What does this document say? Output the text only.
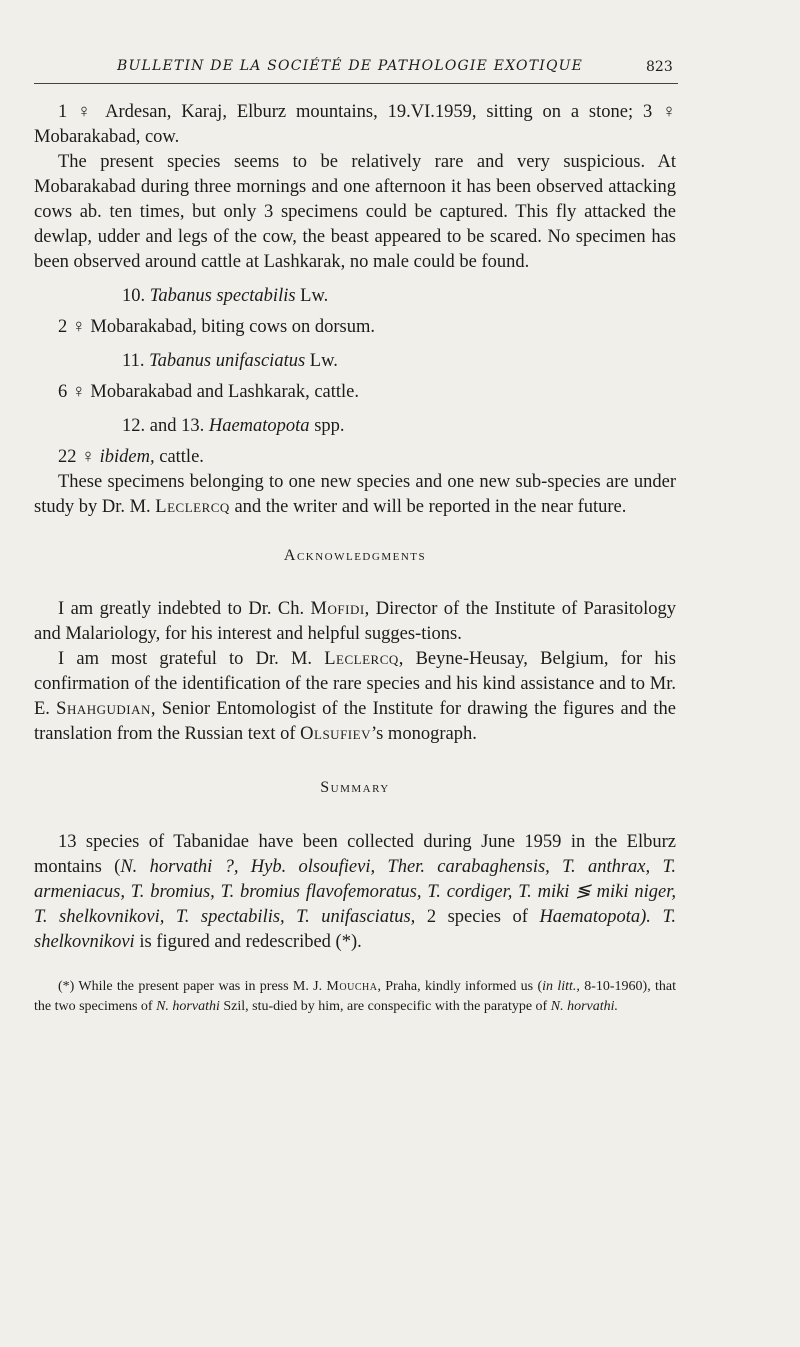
BULLETIN DE LA SOCIÉTÉ DE PATHOLOGIE EXOTIQUE	823

1 ♀ Ardesan, Karaj, Elburz mountains, 19.VI.1959, sitting on a stone; 3 ♀ Mobarakabad, cow.

The present species seems to be relatively rare and very suspicious. At Mobarakabad during three mornings and one afternoon it has been observed attacking cows ab. ten times, but only 3 specimens could be captured. This fly attacked the dewlap, udder and legs of the cow, the beast appeared to be scared. No specimen has been observed around cattle at Lashkarak, no male could be found.

10. Tabanus spectabilis Lw.

2 ♀ Mobarakabad, biting cows on dorsum.

11. Tabanus unifasciatus Lw.

6 ♀ Mobarakabad and Lashkarak, cattle.

12. and 13. Haematopota spp.

22 ♀ ibidem, cattle.

These specimens belonging to one new species and one new sub-species are under study by Dr. M. Leclercq and the writer and will be reported in the near future.

Acknowledgments

I am greatly indebted to Dr. Ch. Mofidi, Director of the Institute of Parasitology and Malariology, for his interest and helpful sugges-tions.

I am most grateful to Dr. M. Leclercq, Beyne-Heusay, Belgium, for his confirmation of the identification of the rare species and his kind assistance and to Mr. E. Shahgudian, Senior Entomologist of the Institute for drawing the figures and the translation from the Russian text of Olsufiev’s monograph.

Summary

13 species of Tabanidae have been collected during June 1959 in the Elburz montains (N. horvathi ?, Hyb. olsoufievi, Ther. carabaghensis, T. anthrax, T. armeniacus, T. bromius, T. bromius flavofemoratus, T. cordiger, T. miki ≶ miki niger, T. shelkovnikovi, T. spectabilis, T. unifasciatus, 2 species of Haematopota). T. shelkovnikovi is figured and redescribed (*).

(*) While the present paper was in press M. J. Moucha, Praha, kindly informed us (in litt., 8-10-1960), that the two specimens of N. horvathi Szil, stu-died by him, are conspecific with the paratype of N. horvathi.
